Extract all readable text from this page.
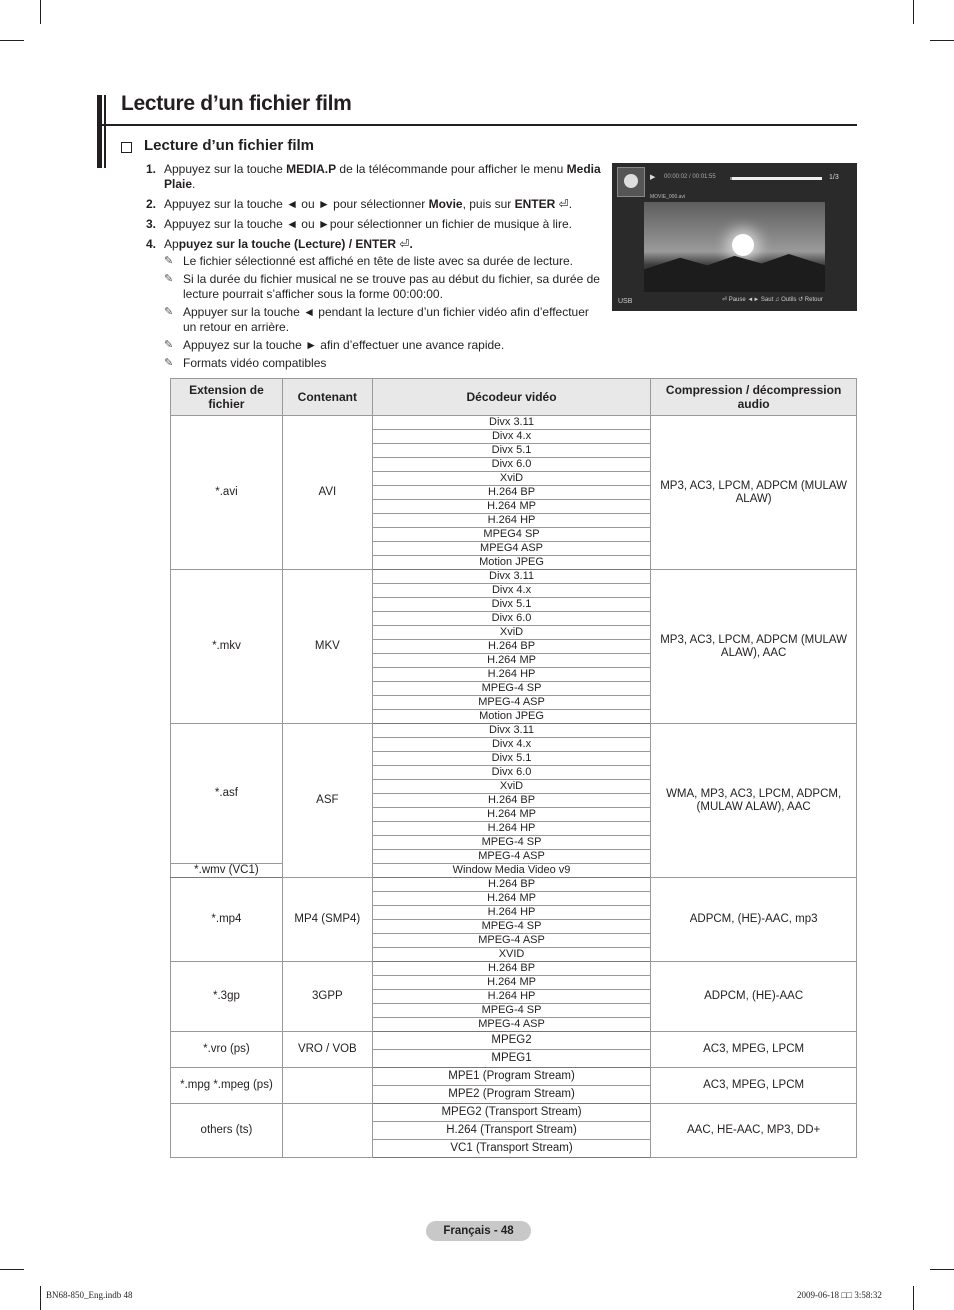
Lecture d’un fichier film
Lecture d’un fichier film
1. Appuyez sur la touche MEDIA.P de la télécommande pour afficher le menu Media Plaie.
2. Appuyez sur la touche ◄ ou ► pour sélectionner Movie, puis sur ENTER ⏎.
3. Appuyez sur la touche ◄ ou ►pour sélectionner un fichier de musique à lire.
4. Appuyez sur la touche (Lecture) / ENTER ⏎.
✎ Le fichier sélectionné est affiché en tête de liste avec sa durée de lecture.
✎ Si la durée du fichier musical ne se trouve pas au début du fichier, sa durée de lecture pourrait s’afficher sous la forme 00:00:00.
✎ Appuyer sur la touche ◄ pendant la lecture d’un fichier vidéo afin d’effectuer un retour en arrière.
✎ Appuyez sur la touche ► afin d’effectuer une avance rapide.
✎ Formats vidéo compatibles
▶ 00:00:02 / 00:01:55	1/3
MOVIE_000.avi
USB	⏎ Pause ◄► Saut ♫ Outils ↺ Retour
Extension de fichier	Contenant	Décodeur vidéo	Compression / décompression audio
*.avi	AVI	Divx 3.11	MP3, AC3, LPCM, ADPCM (MULAW ALAW)
		Divx 4.x	
		Divx 5.1	
		Divx 6.0	
		XviD	
		H.264 BP	
		H.264 MP	
		H.264 HP	
		MPEG4 SP	
		MPEG4 ASP	
		Motion JPEG	
*.mkv	MKV	Divx 3.11	MP3, AC3, LPCM, ADPCM (MULAW ALAW), AAC
		Divx 4.x	
		Divx 5.1	
		Divx 6.0	
		XviD	
		H.264 BP	
		H.264 MP	
		H.264 HP	
		MPEG-4 SP	
		MPEG-4 ASP	
		Motion JPEG	
*.asf	ASF	Divx 3.11	WMA, MP3, AC3, LPCM, ADPCM, (MULAW ALAW), AAC
		Divx 4.x	
		Divx 5.1	
		Divx 6.0	
		XviD	
		H.264 BP	
		H.264 MP	
		H.264 HP	
		MPEG-4 SP	
		MPEG-4 ASP	
*.wmv (VC1)		Window Media Video v9	
*.mp4	MP4 (SMP4)	H.264 BP	ADPCM, (HE)-AAC, mp3
		H.264 MP	
		H.264 HP	
		MPEG-4 SP	
		MPEG-4 ASP	
		XVID	
*.3gp	3GPP	H.264 BP	ADPCM, (HE)-AAC
		H.264 MP	
		H.264 HP	
		MPEG-4 SP	
		MPEG-4 ASP	
*.vro (ps)	VRO / VOB	MPEG2	AC3, MPEG, LPCM
		MPEG1	
*.mpg *.mpeg (ps)		MPE1 (Program Stream)	AC3, MPEG, LPCM
		MPE2 (Program Stream)	
others (ts)		MPEG2 (Transport Stream)	AAC, HE-AAC, MP3, DD+
		H.264 (Transport Stream)	
		VC1 (Transport Stream)	
Français - 48
BN68-850_Eng.indb 48	2009-06-18 □□ 3:58:32
